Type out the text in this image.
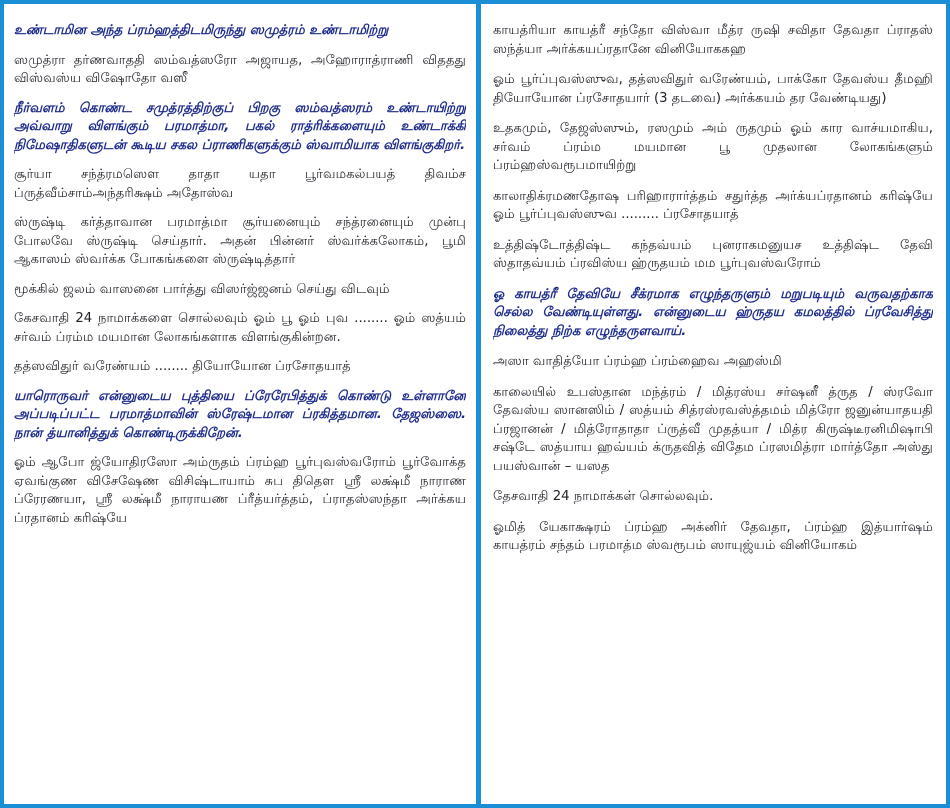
உண்டாமின அந்த ப்ரம்ஹத்திடமிருந்து ஸமுத்ரம் உண்டாமிற்று

ஸமுத்ரா தர்ணவாததி ஸம்வத்ஸரோ அஜாயத, அஹோராத்ராணி விததது விஸ்வஸ்ய விஷோதோ வஸீ

நீர்வளம் கொண்ட சமுத்ரத்திற்குப் பிறகு ஸம்வத்ஸரம் உண்டாயிற்று அவ்வாறு விளங்கும் பரமாத்மா, பகல் ராத்ரிக்களையும் உண்டாக்கி நிமேஷாதிகளுடன் கூடிய சகல ப்ராணிகளுக்கும் ஸ்வாமியாக விளங்குகிறர்.

சூர்யா சந்த்ரமஸௌ தாதா யதா பூர்வமகல்பயத் திவம்ச ப்ருத்வீம்சாம்அந்தரிக்ஷம் அதோஸ்வ

ஸ்ருஷ்டி கர்த்தாவான பரமாத்மா சூர்யனையும் சந்த்ரனையும் முன்பு போலவே ஸ்ருஷ்டி செய்தார். அதன் பின்னர் ஸ்வர்க்கலோகம், பூமி ஆகாஸம் ஸ்வர்க்க போகங்களை ஸ்ருஷ்டித்தார்

மூக்கில் ஜலம் வாஸனை பார்த்து விஸர்ஜ்ஜனம் செய்து விடவும்

கேசவாதி 24 நாமாக்களை சொல்லவும் ஓம் பூ ஓம் புவ ........ ஓம் ஸத்யம் சர்வம் ப்ரம்ம மயமான லோகங்களாக விளங்குகின்றன.

தத்ஸவிதுர் வரேண்யம் ........ தியோயோன ப்ரசோதயாத்

யாரொருவர் என்னுடைய புத்தியை ப்ரேரேபித்துக் கொண்டு உள்ளானே அப்படிப்பட்ட பரமாத்மாவின் ஸ்ரேஷ்டமான ப்ரகித்தமான. தேஜஸ்ஸை. நான் த்யானித்துக் கொண்டிருக்கிறேன்.

ஓம் ஆபோ ஜ்யோதிரஸோ அம்ருதம் ப்ரம்ஹ பூர்புவஸ்வரோம் பூர்வோக்த ஏவங்குண விசேஷேண விசிஷ்டாயாம் சுப திதௌ ஸ்ரீ லக்ஷ்மீ நாராண ப்ரேரணயா, ஸ்ரீ லக்ஷ்மீ நாராயண ப்ரீத்யர்த்தம், ப்ராதஸ்ஸந்தா அர்க்கய ப்ரதானம் கரிஷ்யே

காயத்ரியா காயத்ரீ சந்தோ விஸ்வா மீத்ர ருஷி சவிதா தேவதா ப்ராதஸ் ஸந்த்யா அர்க்கயப்ரதானே வினியோககஹ

ஓம் பூர்ப்புவஸ்ஸுவ, தத்ஸவிதுர் வரேண்யம், பாக்கோ தேவஸ்ய தீமஹி தியோயோன ப்ரசோதயார் (3 தடவை) அர்க்கயம் தர வேண்டியது)

உதகமும், தேஜஸ்ஸும், ரஸமும் அம் ருதமும் ஓம் கார வாச்யமாகிய, சர்வம் ப்ரம்ம மயமான பூ முதலான லோகங்களும் ப்ரம்ஹஸ்வரூபமாயிற்று

காலாதிக்ரமணதோஷ பரிஹாரார்த்தம் சதுர்த்த அர்க்யப்ரதானம் கரிஷ்யே ஓம் பூர்ப்புவஸ்ஸுவ ......... ப்ரசோதயாத்

உத்திஷ்டோத்திஷ்ட கந்தவ்யம் புனராகமனுயச உத்திஷ்ட தேவி ஸ்தாதவ்யம் ப்ரவிஸ்ய ஹ்ருதயம் மம பூர்புவஸ்வரோம்

ஓ காயத்ரீ தேவியே சீக்ரமாக எழுந்தருளும் மறுபடியும் வருவதற்காக செல்ல வேண்டியுள்ளது. என்னுடைய ஹ்ருதய கமலத்தில் ப்ரவேசித்து நிலைத்து நிற்க எழுந்தருளவாய்.

அஸா வாதித்யோ ப்ரம்ஹ ப்ரம்ஹைவ அஹஸ்மி

காலையில் உபஸ்தான மந்த்ரம் / மித்ரஸ்ய சர்ஷனீ த்ருத / ஸ்ரவோ தேவஸ்ய ஸானஸிம் / ஸத்யம் சித்ரஸ்ரவஸ்த்தமம் மித்ரோ ஜனுன்யாதயதி ப்ரஜானன் / மித்ரோதாதா ப்ருத்வீ முதத்யா / மித்ர கிருஷ்டீரனிமிஷாபி சஷ்டே ஸத்யாய ஹவ்யம் க்ருதவித் விதேம ப்ரஸமித்ரா மார்த்தோ அஸ்து பயஸ்வான் – யஸத

தேசவாதி 24 நாமாக்கள் சொல்லவும்.

ஓமித் யேகாக்ஷரம் ப்ரம்ஹ அக்னிர் தேவதா, ப்ரம்ஹ இத்யார்ஷம் காயத்ரம் சந்தம் பரமாத்ம ஸ்வரூபம் ஸாயுஜ்யம் வினியோகம்
